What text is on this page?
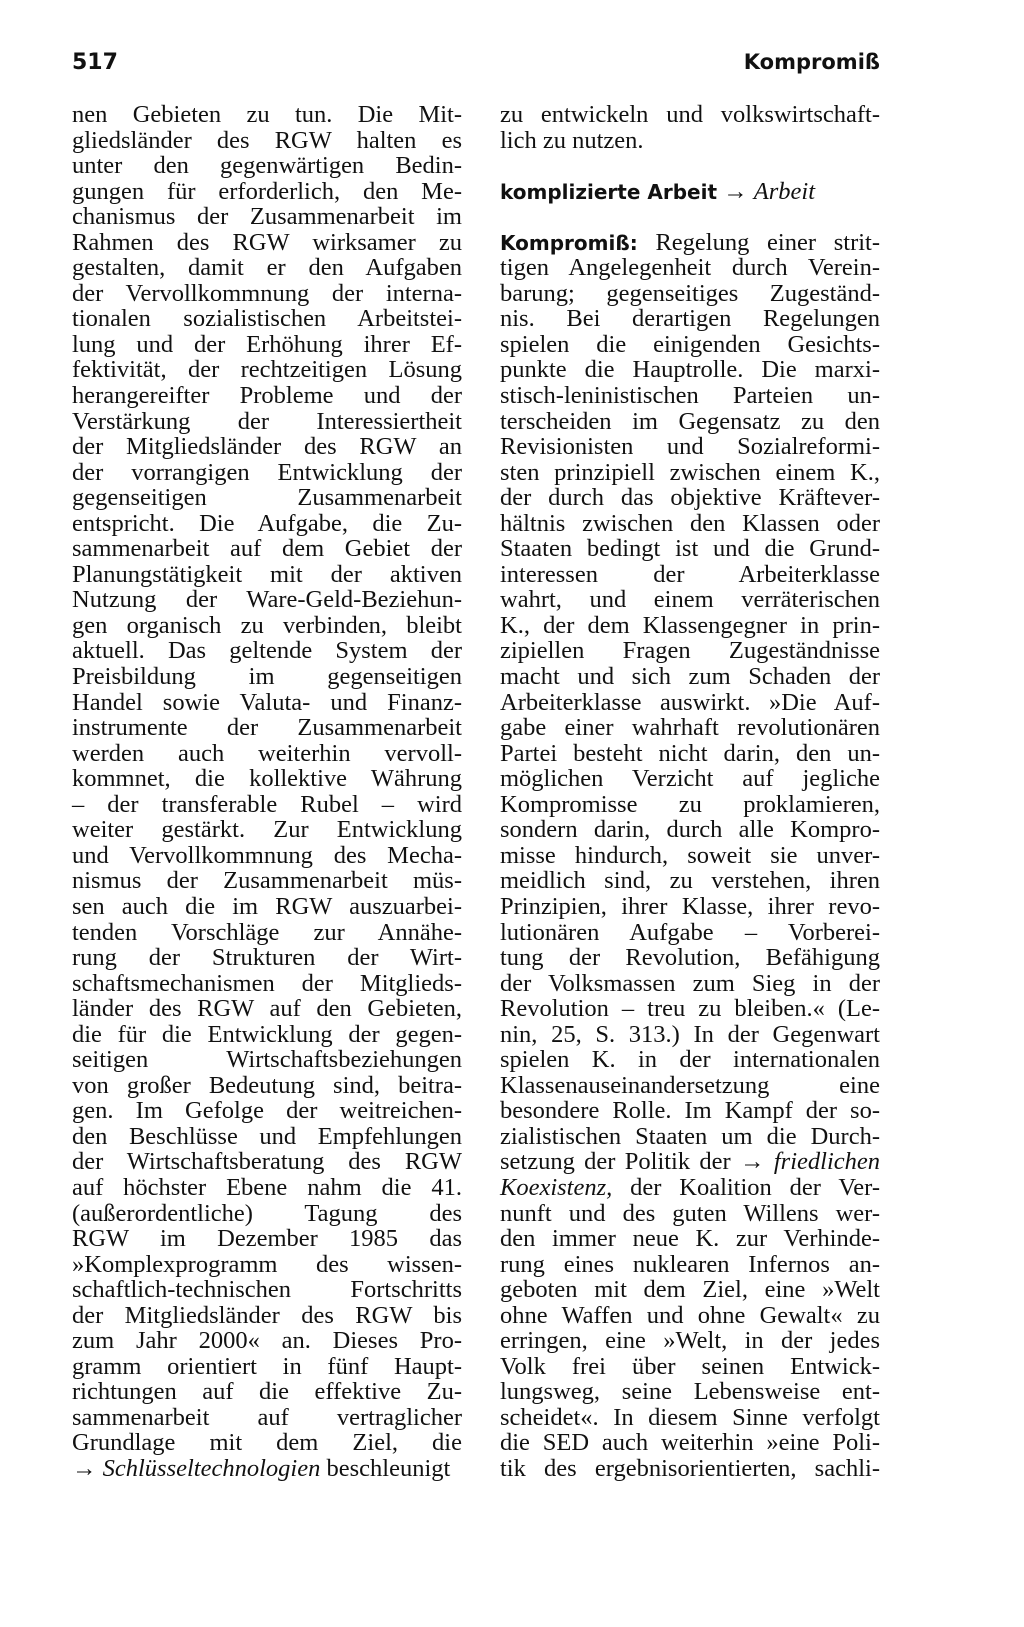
517	Kompromiß
nen Gebieten zu tun. Die Mit-
gliedsländer des RGW halten es
unter den gegenwärtigen Bedin-
gungen für erforderlich, den Me-
chanismus der Zusammenarbeit im
Rahmen des RGW wirksamer zu
gestalten, damit er den Aufgaben
der Vervollkommnung der interna-
tionalen sozialistischen Arbeitstei-
lung und der Erhöhung ihrer Ef-
fektivität, der rechtzeitigen Lösung
herangereifter Probleme und der
Verstärkung der Interessiertheit
der Mitgliedsländer des RGW an
der vorrangigen Entwicklung der
gegenseitigen Zusammenarbeit
entspricht. Die Aufgabe, die Zu-
sammenarbeit auf dem Gebiet der
Planungstätigkeit mit der aktiven
Nutzung der Ware-Geld-Beziehun-
gen organisch zu verbinden, bleibt
aktuell. Das geltende System der
Preisbildung im gegenseitigen
Handel sowie Valuta- und Finanz-
instrumente der Zusammenarbeit
werden auch weiterhin vervoll-
kommnet, die kollektive Währung
– der transferable Rubel – wird
weiter gestärkt. Zur Entwicklung
und Vervollkommnung des Mecha-
nismus der Zusammenarbeit müs-
sen auch die im RGW auszuarbei-
tenden Vorschläge zur Annähe-
rung der Strukturen der Wirt-
schaftsmechanismen der Mitglieds-
länder des RGW auf den Gebieten,
die für die Entwicklung der gegen-
seitigen Wirtschaftsbeziehungen
von großer Bedeutung sind, beitra-
gen. Im Gefolge der weitreichen-
den Beschlüsse und Empfehlungen
der Wirtschaftsberatung des RGW
auf höchster Ebene nahm die 41.
(außerordentliche) Tagung des
RGW im Dezember 1985 das
»Komplexprogramm des wissen-
schaftlich-technischen Fortschritts
der Mitgliedsländer des RGW bis
zum Jahr 2000« an. Dieses Pro-
gramm orientiert in fünf Haupt-
richtungen auf die effektive Zu-
sammenarbeit auf vertraglicher
Grundlage mit dem Ziel, die
→ Schlüsseltechnologien beschleunigt
zu entwickeln und volkswirtschaft-
lich zu nutzen.
komplizierte Arbeit → Arbeit
Kompromiß: Regelung einer strit-
tigen Angelegenheit durch Verein-
barung; gegenseitiges Zugeständ-
nis. Bei derartigen Regelungen
spielen die einigenden Gesichts-
punkte die Hauptrolle. Die marxi-
stisch-leninistischen Parteien un-
terscheiden im Gegensatz zu den
Revisionisten und Sozialreformi-
sten prinzipiell zwischen einem K.,
der durch das objektive Kräftever-
hältnis zwischen den Klassen oder
Staaten bedingt ist und die Grund-
interessen der Arbeiterklasse
wahrt, und einem verräterischen
K., der dem Klassengegner in prin-
zipiellen Fragen Zugeständnisse
macht und sich zum Schaden der
Arbeiterklasse auswirkt. »Die Auf-
gabe einer wahrhaft revolutionären
Partei besteht nicht darin, den un-
möglichen Verzicht auf jegliche
Kompromisse zu proklamieren,
sondern darin, durch alle Kompro-
misse hindurch, soweit sie unver-
meidlich sind, zu verstehen, ihren
Prinzipien, ihrer Klasse, ihrer revo-
lutionären Aufgabe – Vorberei-
tung der Revolution, Befähigung
der Volksmassen zum Sieg in der
Revolution – treu zu bleiben.« (Le-
nin, 25, S. 313.) In der Gegenwart
spielen K. in der internationalen
Klassenauseinandersetzung eine
besondere Rolle. Im Kampf der so-
zialistischen Staaten um die Durch-
setzung der Politik der → friedlichen
Koexistenz, der Koalition der Ver-
nunft und des guten Willens wer-
den immer neue K. zur Verhinde-
rung eines nuklearen Infernos an-
geboten mit dem Ziel, eine »Welt
ohne Waffen und ohne Gewalt« zu
erringen, eine »Welt, in der jedes
Volk frei über seinen Entwick-
lungsweg, seine Lebensweise ent-
scheidet«. In diesem Sinne verfolgt
die SED auch weiterhin »eine Poli-
tik des ergebnisorientierten, sachli-
